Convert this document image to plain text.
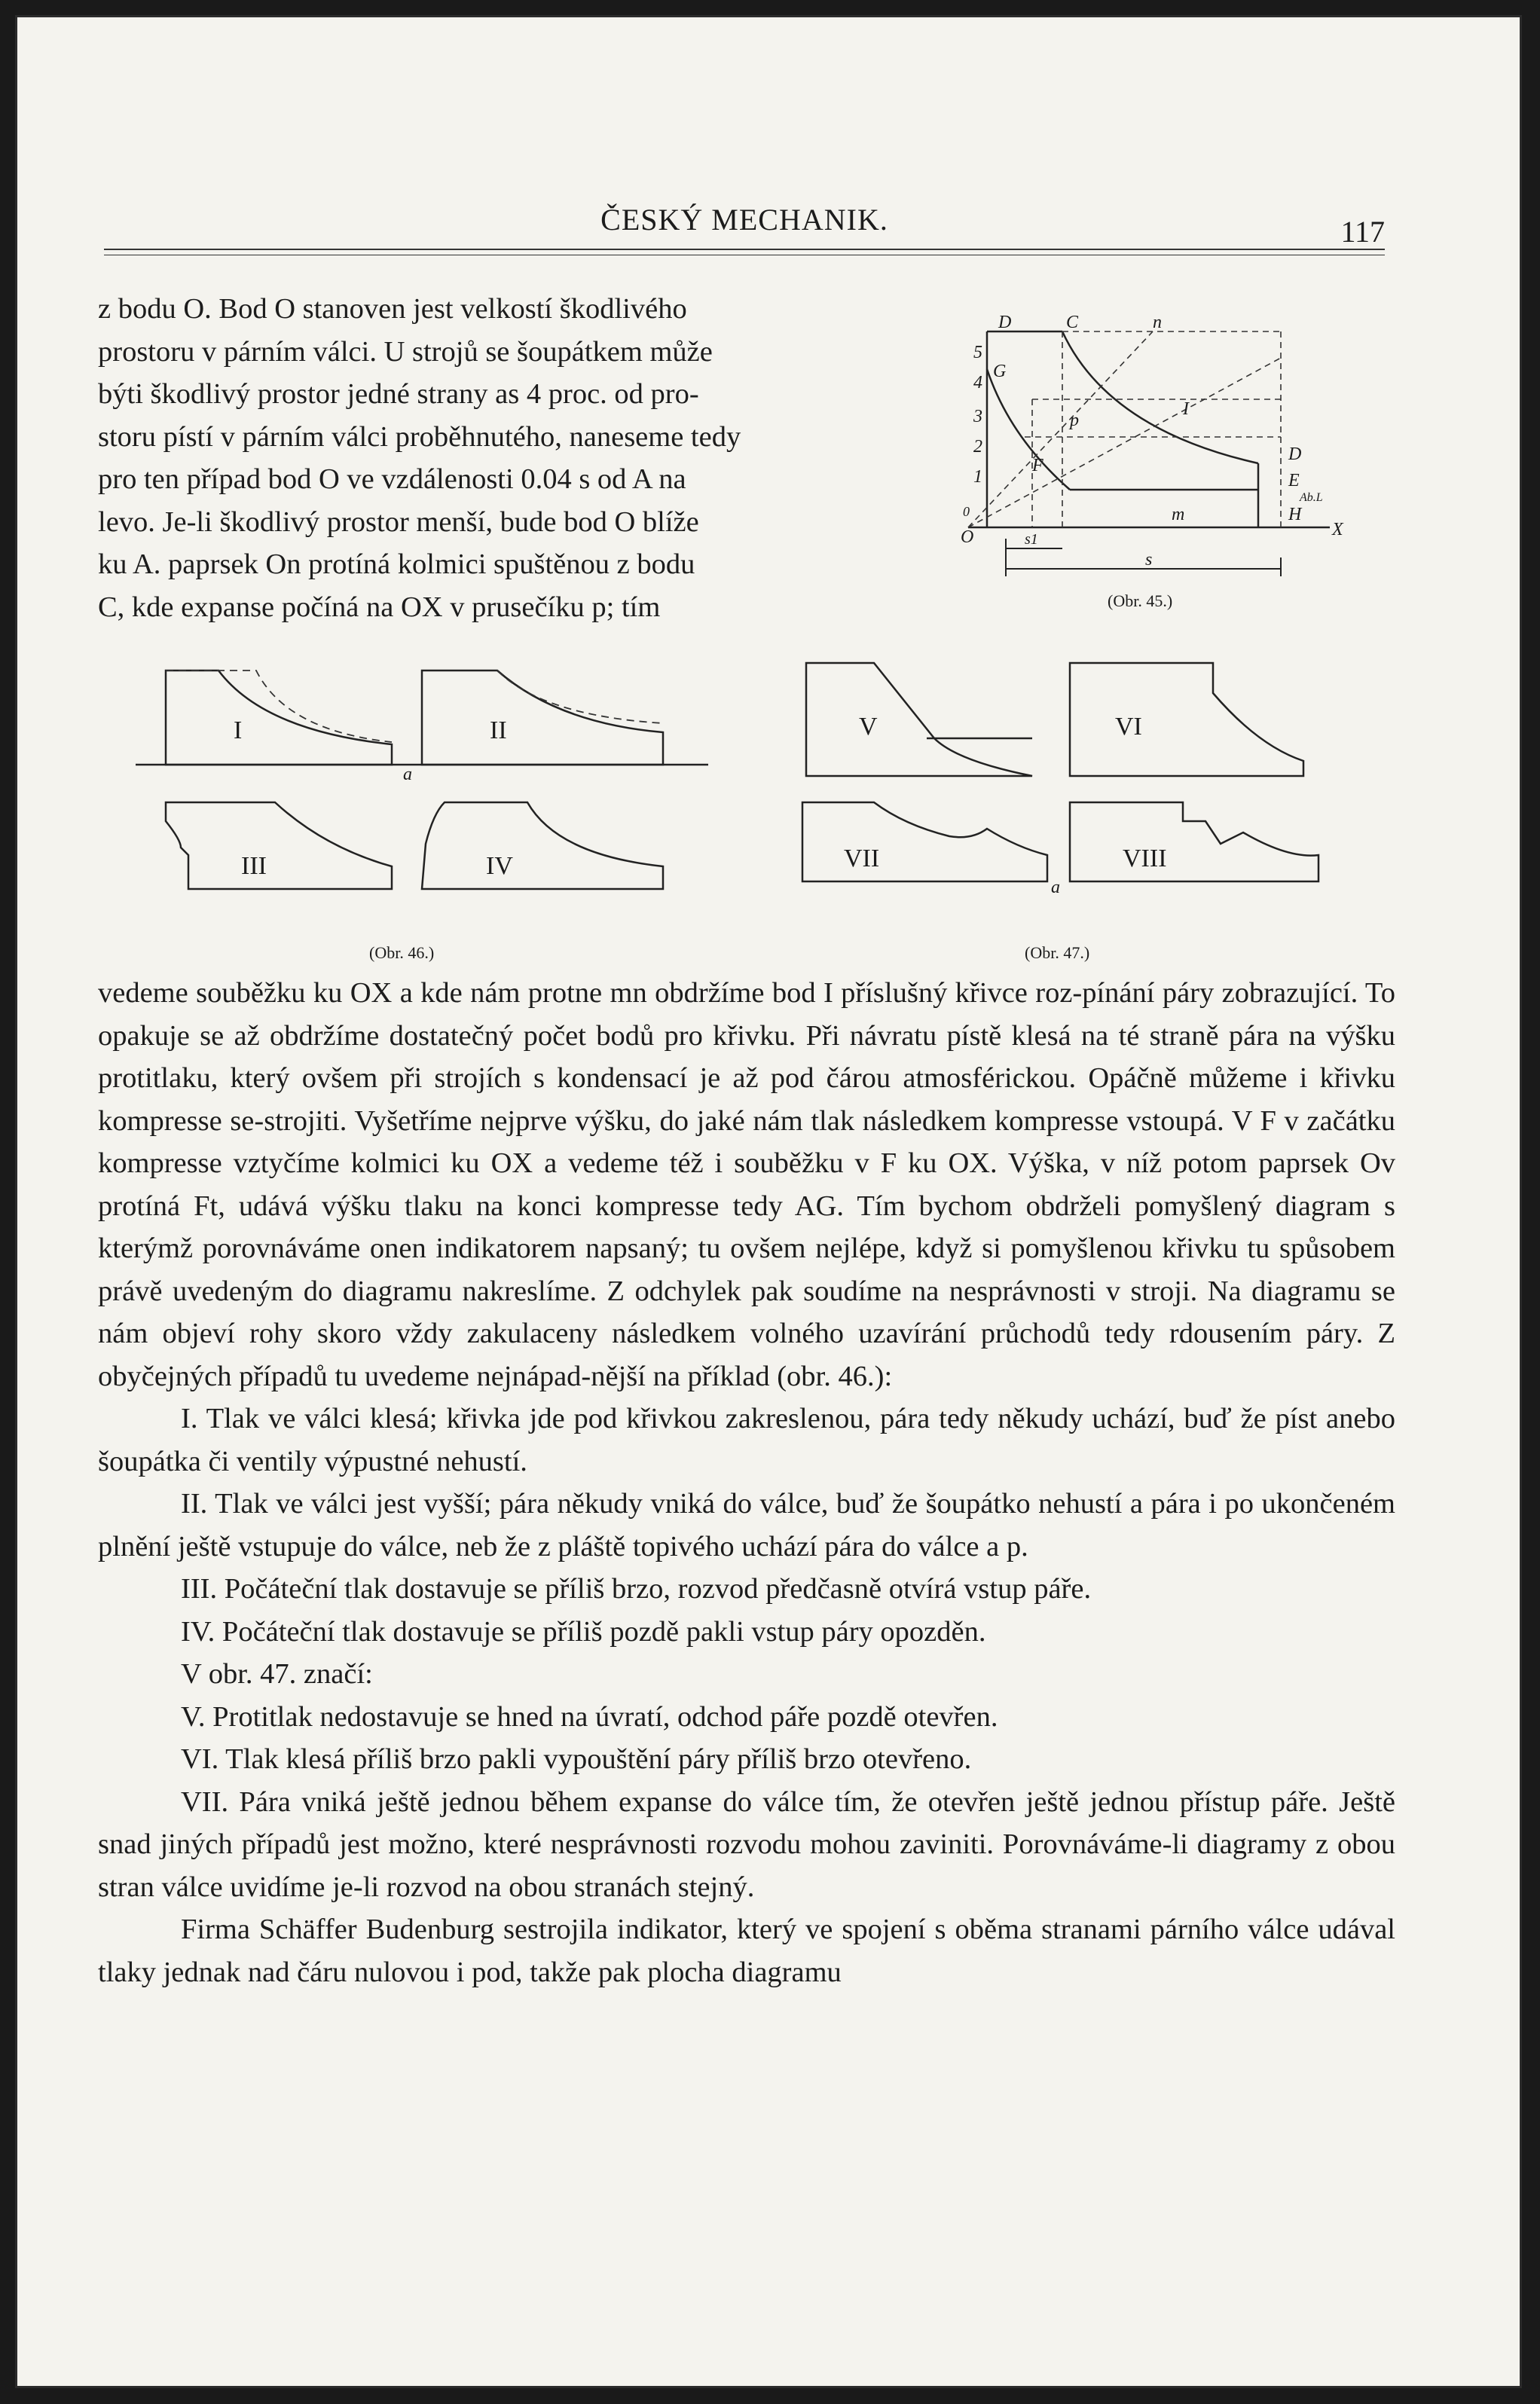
ČESKÝ MECHANIK.	117

z bodu O. Bod O stanoven jest velkostí škodlivého

prostoru v párním válci. U strojů se šoupátkem může

býti škodlivý prostor jedné strany as 4 proc. od pro-

storu pístí v párním válci proběhnutého, naneseme tedy

pro ten případ bod O ve vzdálenosti 0.04 s od A na

levo. Je-li škodlivý prostor menší, bude bod O blíže

ku A. paprsek On protíná kolmici spuštěnou z bodu

C, kde expanse počíná na OX v prusečíku p; tím

D	C	n
5
G
4
3
2
1
I
p
F
D
E
Ab.L
H
m
O	s1
s
X
0
(Obr. 45.)
I	II
III	IV
a
(Obr. 46.)
V	VI
VII	VIII
a
(Obr. 47.)

vedeme souběžku ku OX a kde nám protne mn obdržíme bod I příslušný křivce roz-pínání páry zobrazující. To opakuje se až obdržíme dostatečný počet bodů pro křivku. Při návratu pístě klesá na té straně pára na výšku protitlaku, který ovšem při strojích s kondensací je až pod čárou atmosférickou. Opáčně můžeme i křivku kompresse se-strojiti. Vyšetříme nejprve výšku, do jaké nám tlak následkem kompresse vstoupá. V F v začátku kompresse vztyčíme kolmici ku OX a vedeme též i souběžku v F ku OX. Výška, v níž potom paprsek Ov protíná Ft, udává výšku tlaku na konci kompresse tedy AG. Tím bychom obdrželi pomyšlený diagram s kterýmž porovnáváme onen indikatorem napsaný; tu ovšem nejlépe, když si pomyšlenou křivku tu spůsobem právě uvedeným do diagramu nakreslíme. Z odchylek pak soudíme na nesprávnosti v stroji. Na diagramu se nám objeví rohy skoro vždy zakulaceny následkem volného uzavírání průchodů tedy rdousením páry. Z obyčejných případů tu uvedeme nejnápad-nější na příklad (obr. 46.):

I. Tlak ve válci klesá; křivka jde pod křivkou zakreslenou, pára tedy někudy uchází, buď že píst anebo šoupátka či ventily výpustné nehustí.

II. Tlak ve válci jest vyšší; pára někudy vniká do válce, buď že šoupátko nehustí a pára i po ukončeném plnění ještě vstupuje do válce, neb že z pláště topivého uchází pára do válce a p.

III. Počáteční tlak dostavuje se příliš brzo, rozvod předčasně otvírá vstup páře.

IV. Počáteční tlak dostavuje se příliš pozdě pakli vstup páry opozděn.

V obr. 47. značí:

V. Protitlak nedostavuje se hned na úvratí, odchod páře pozdě otevřen.

VI. Tlak klesá příliš brzo pakli vypouštění páry příliš brzo otevřeno.

VII. Pára vniká ještě jednou během expanse do válce tím, že otevřen ještě jednou přístup páře. Ještě snad jiných případů jest možno, které nesprávnosti rozvodu mohou zaviniti. Porovnáváme-li diagramy z obou stran válce uvidíme je-li rozvod na obou stranách stejný.

Firma Schäffer Budenburg sestrojila indikator, který ve spojení s oběma stranami párního válce udával tlaky jednak nad čáru nulovou i pod, takže pak plocha diagramu
